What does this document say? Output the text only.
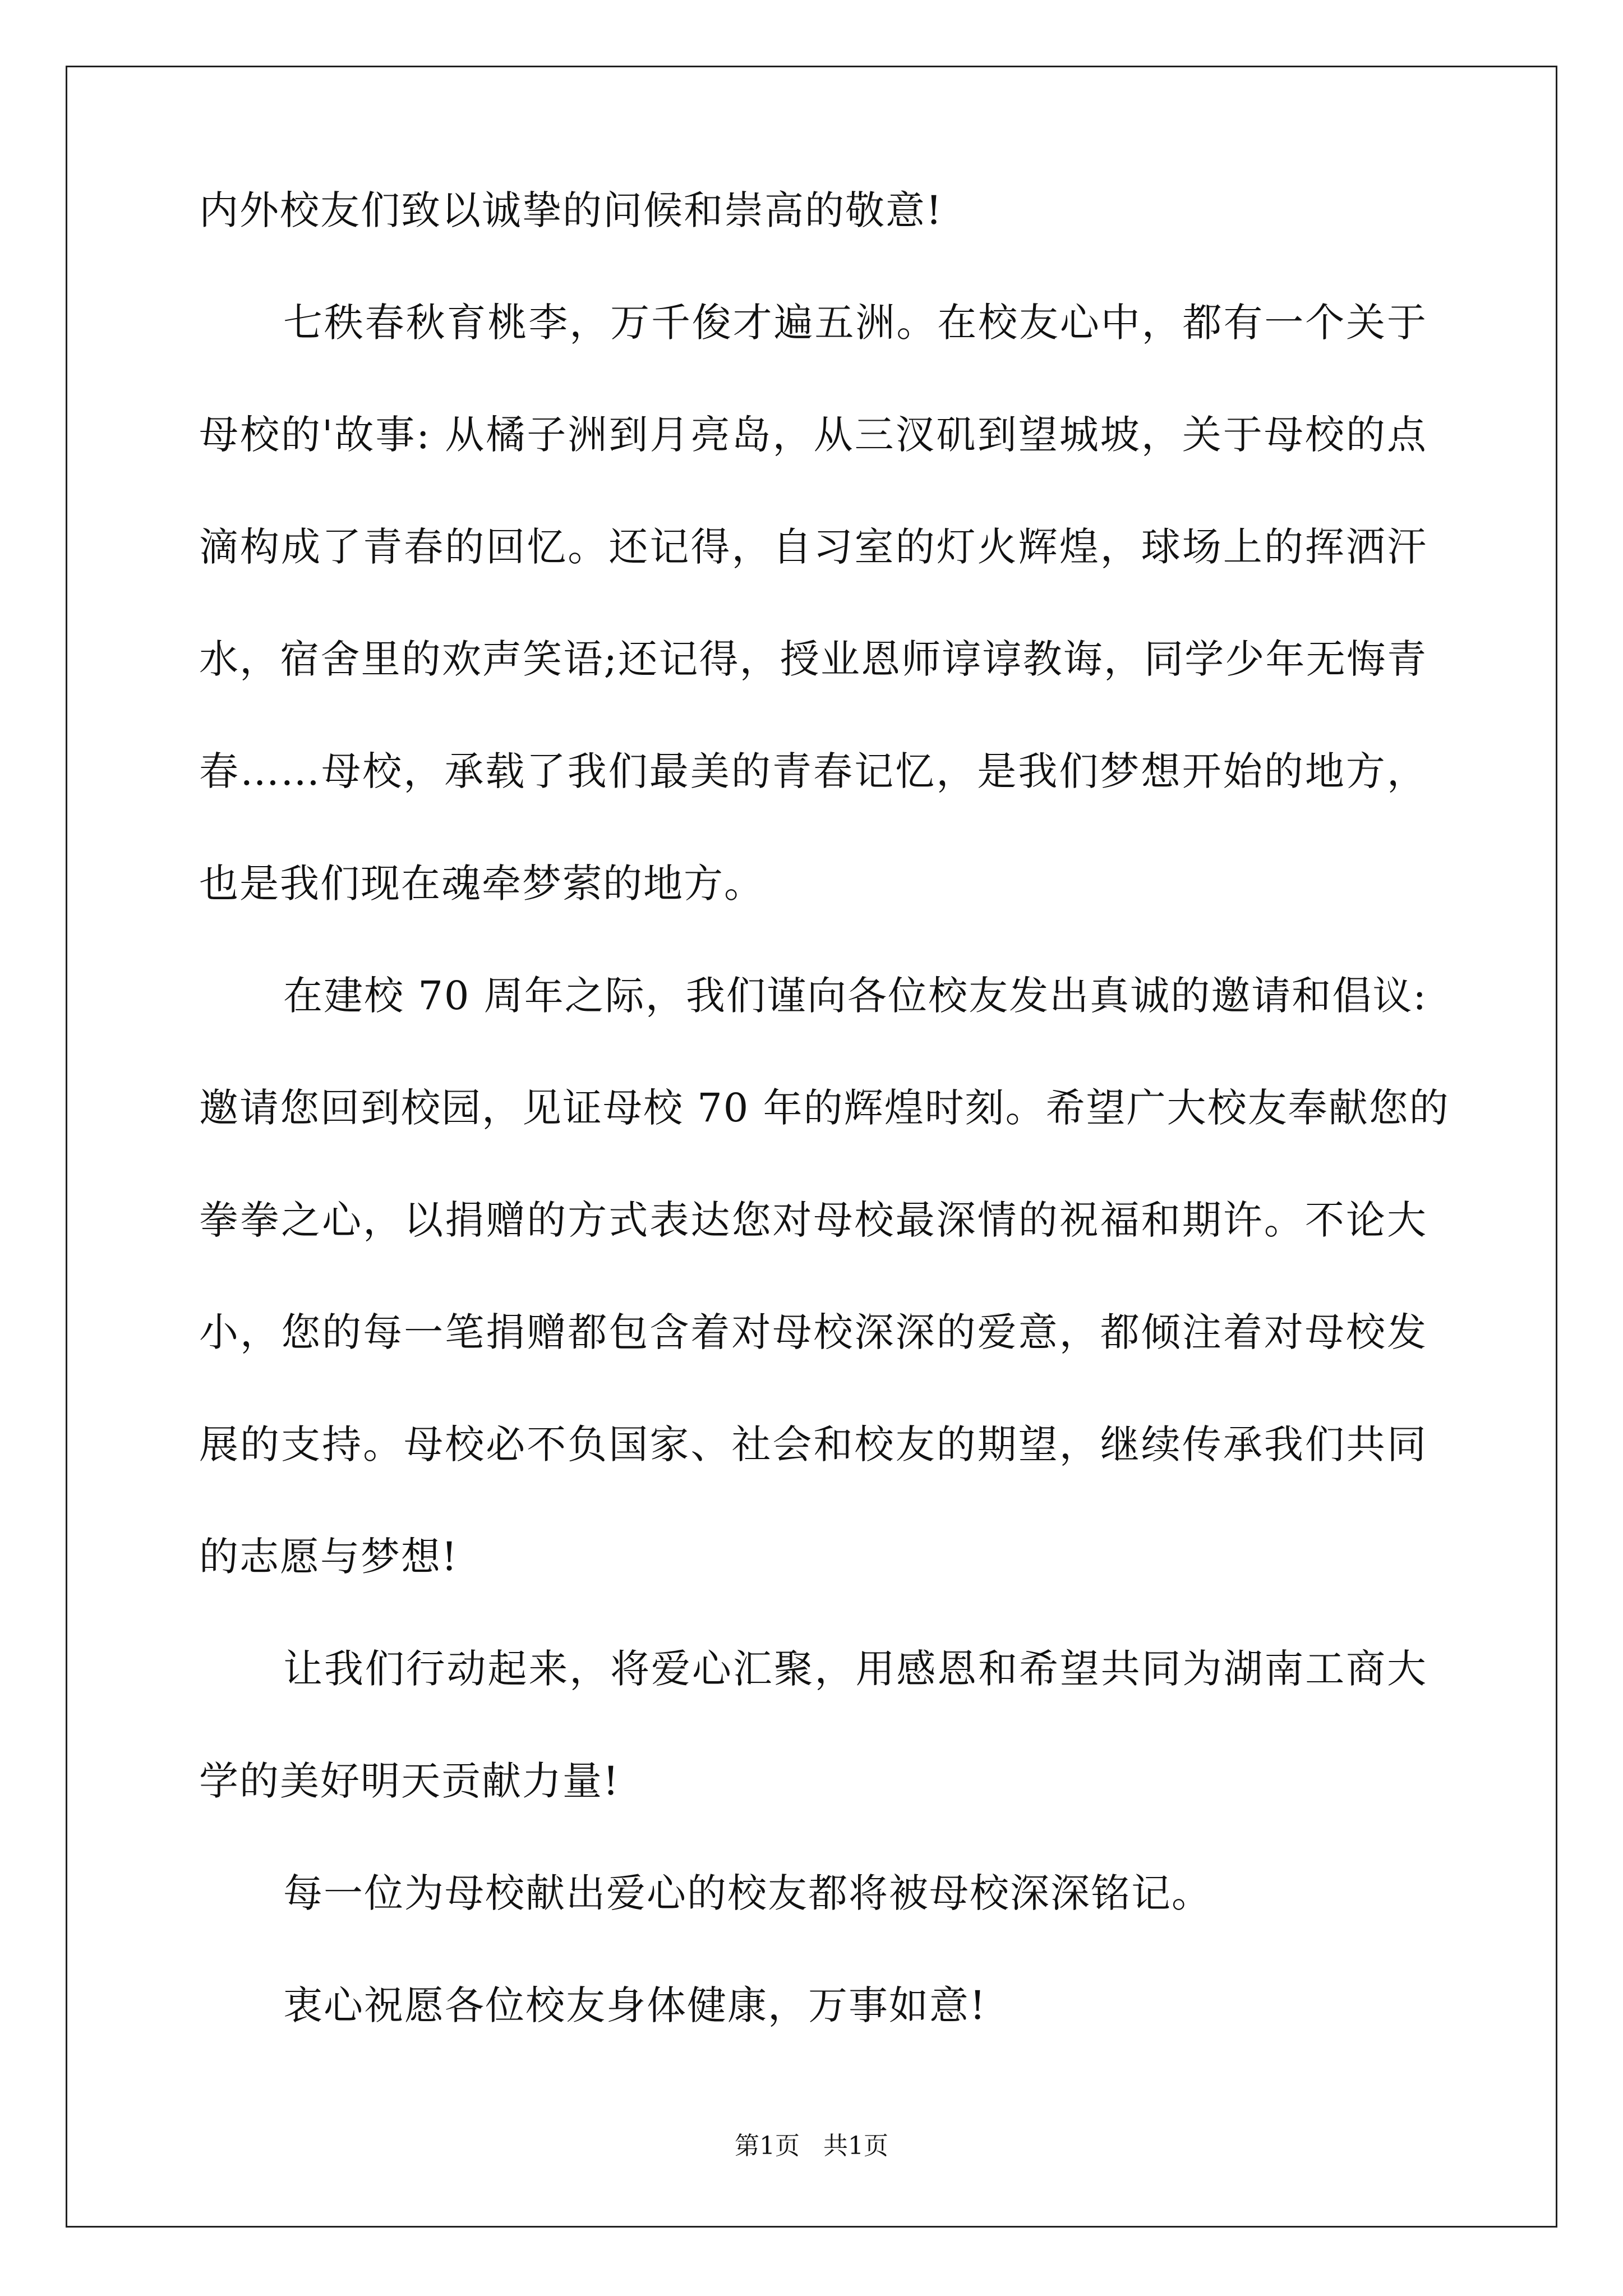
内外校友们致以诚挚的问候和崇高的敬意!
七秩春秋育桃李，万千俊才遍五洲。在校友心中，都有一个关于
母校的'故事: 从橘子洲到月亮岛，从三汊矶到望城坡，关于母校的点
滴构成了青春的回忆。还记得，自习室的灯火辉煌，球场上的挥洒汗
水，宿舍里的欢声笑语;还记得，授业恩师谆谆教诲，同学少年无悔青
春……母校，承载了我们最美的青春记忆，是我们梦想开始的地方，
也是我们现在魂牵梦萦的地方。
在建校 70 周年之际，我们谨向各位校友发出真诚的邀请和倡议:
邀请您回到校园，见证母校 70 年的辉煌时刻。希望广大校友奉献您的
拳拳之心，以捐赠的方式表达您对母校最深情的祝福和期许。不论大
小，您的每一笔捐赠都包含着对母校深深的爱意，都倾注着对母校发
展的支持。母校必不负国家、社会和校友的期望，继续传承我们共同
的志愿与梦想!
让我们行动起来，将爱心汇聚，用感恩和希望共同为湖南工商大
学的美好明天贡献力量!
每一位为母校献出爱心的校友都将被母校深深铭记。
衷心祝愿各位校友身体健康，万事如意!
第1页   共1页
